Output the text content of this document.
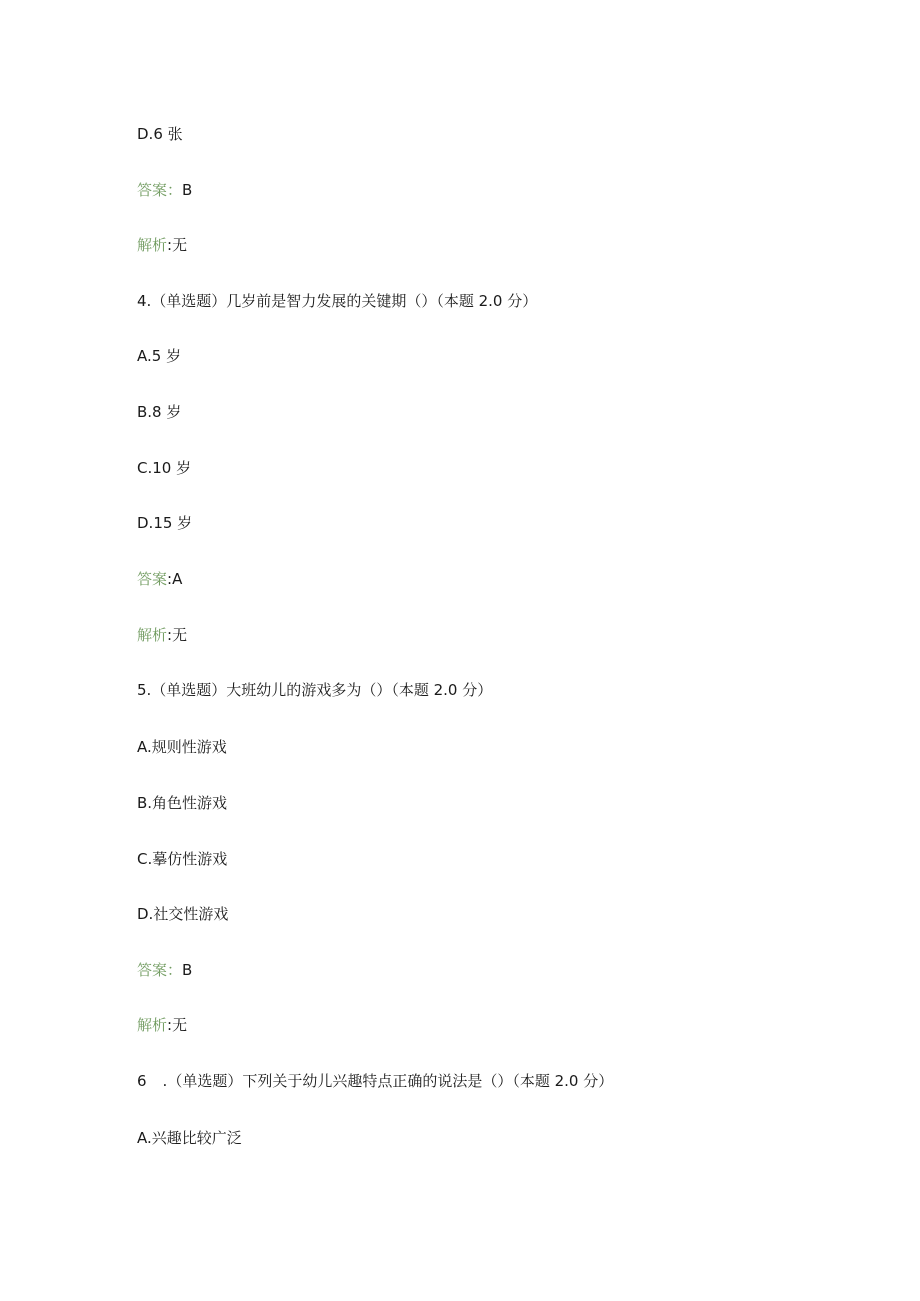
D.6 张
答案：B
解析:无
4.（单选题）几岁前是智力发展的关键期（）（本题 2.0 分）
A.5 岁
B.8 岁
C.10 岁
D.15 岁
答案:A
解析:无
5.（单选题）大班幼儿的游戏多为（）（本题 2.0 分）
A.规则性游戏
B.角色性游戏
C.摹仿性游戏
D.社交性游戏
答案：B
解析:无
6 .（单选题）下列关于幼儿兴趣特点正确的说法是（）（本题 2.0 分）
A.兴趣比较广泛
